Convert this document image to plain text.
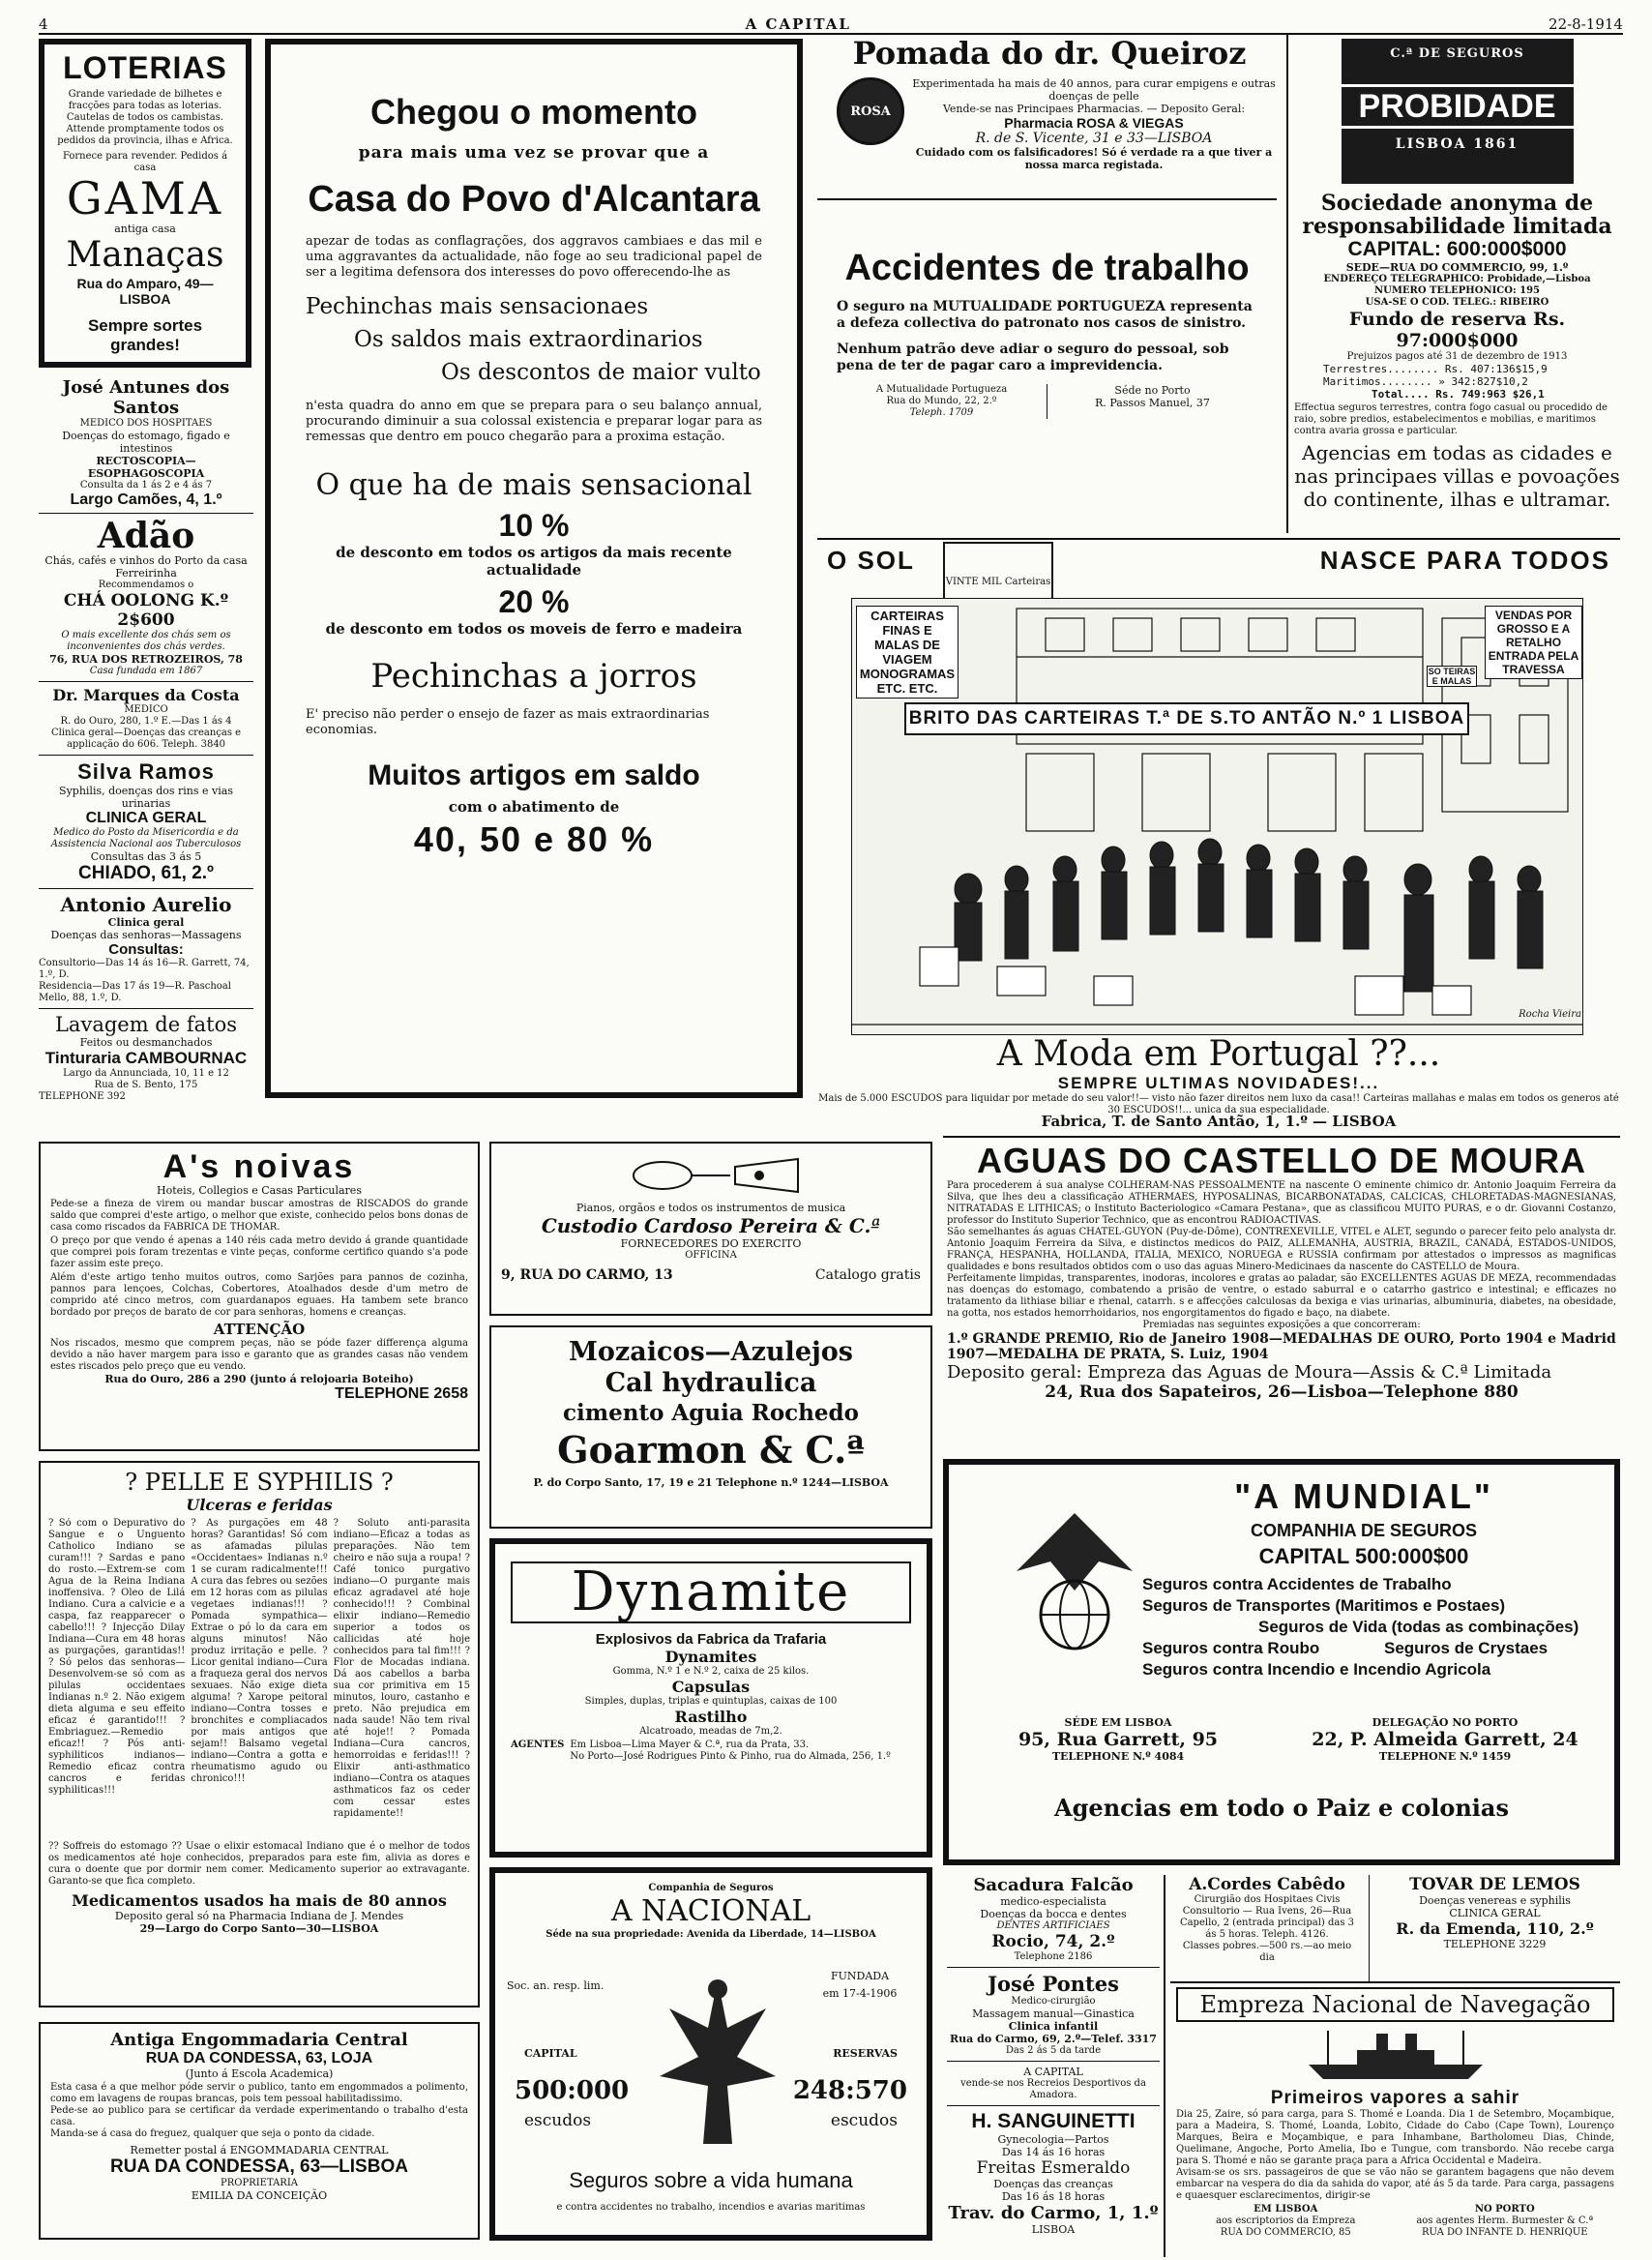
4	A CAPITAL	22-8-1914
LOTERIAS

Grande variedade de bilhetes e fracções para todas as loterias. Cautelas de todos os cambistas. Attende promptamente todos os pedidos da provincia, ilhas e Africa.

Fornece para revender. Pedidos á casa

GAMA
antiga casa
Manaças
Rua do Amparo, 49—LISBOA
Sempre sortes grandes!
José Antunes dos Santos
MEDICO DOS HOSPITAES
Doenças do estomago, figado e intestinos
RECTOSCOPIA—ESOPHAGOSCOPIA
Consulta da 1 ás 2 e 4 ás 7
Largo Camões, 4, 1.º
Adão
Chás, cafés e vinhos do Porto da casa Ferreirinha
Recommendamos o
CHÁ OOLONG K.º 2$600
O mais excellente dos chás sem os inconvenientes dos chás verdes.
76, RUA DOS RETROZEIROS, 78
Casa fundada em 1867
Dr. Marques da Costa
MEDICO
R. do Ouro, 280, 1.º E.—Das 1 ás 4
Clinica geral—Doenças das creanças e applicação do 606. Teleph. 3840
Silva Ramos
Syphilis, doenças dos rins e vias urinarias
CLINICA GERAL
Medico do Posto da Misericordia e da Assistencia Nacional aos Tuberculosos
Consultas das 3 ás 5
CHIADO, 61, 2.º
Antonio Aurelio
Clinica geral
Doenças das senhoras—Massagens
Consultas:
Consultorio—Das 14 ás 16—R. Garrett, 74, 1.º, D.
Residencia—Das 17 ás 19—R. Paschoal Mello, 88, 1.º, D.
Lavagem de fatos
Feitos ou desmanchados
Tinturaria CAMBOURNAC
Largo da Annunciada, 10, 11 e 12
Rua de S. Bento, 175
TELEPHONE 392
Chegou o momento
para mais uma vez se provar que a
Casa do Povo d'Alcantara

apezar de todas as conflagrações, dos aggravos cambiaes e das mil e uma aggravantes da actualidade, não foge ao seu tradicional papel de ser a legitima defensora dos interesses do povo offerecendo-lhe as

Pechinchas mais sensacionaes
Os saldos mais extraordinarios
Os descontos de maior vulto

n'esta quadra do anno em que se prepara para o seu balanço annual, procurando diminuir a sua colossal existencia e preparar logar para as remessas que dentro em pouco chegarão para a proxima estação.

O que ha de mais sensacional
10 %
de desconto em todos os artigos da mais recente actualidade
20 %
de desconto em todos os moveis de ferro e madeira
Pechinchas a jorros

E' preciso não perder o ensejo de fazer as mais extraordinarias economias.

Muitos artigos em saldo
com o abatimento de
40, 50 e 80 %
Pomada do dr. Queiroz
ROSA
Experimentada ha mais de 40 annos, para curar empigens e outras doenças de pelle
Vende-se nas Principaes Pharmacias. — Deposito Geral:
Pharmacia ROSA & VIEGAS
R. de S. Vicente, 31 e 33—LISBOA
Cuidado com os falsificadores! Só é verdade ra a que tiver a nossa marca registada.
Accidentes de trabalho

O seguro na MUTUALIDADE PORTUGUEZA representa a defeza collectiva do patronato nos casos de sinistro.

Nenhum patrão deve adiar o seguro do pessoal, sob pena de ter de pagar caro a imprevidencia.

A Mutualidade Portugueza
Rua do Mundo, 22, 2.º
Teleph. 1709
Séde no Porto
R. Passos Manuel, 37
C.ª DE SEGUROS
PROBIDADE
LISBOA 1861
Sociedade anonyma de responsabilidade limitada
CAPITAL: 600:000$000
SEDE—RUA DO COMMERCIO, 99, 1.º
ENDEREÇO TELEGRAPHICO: Probidade,—Lisboa
NUMERO TELEPHONICO: 195
USA-SE O COD. TELEG.: RIBEIRO
Fundo de reserva Rs. 97:000$000
Prejuizos pagos até 31 de dezembro de 1913
Terrestres........ Rs. 407:136$15,9
Maritimos........ » 342:827$10,2
Total.... Rs. 749:963 $26,1
Effectua seguros terrestres, contra fogo casual ou procedido de raio, sobre predios, estabelecimentos e mobilias, e maritimos contra avaria grossa e particular.
Agencias em todas as cidades e nas principaes villas e povoações do continente, ilhas e ultramar.
O SOL	NASCE PARA TODOS
VINTE MIL Carteiras
CARTEIRAS FINAS E MALAS DE VIAGEM MONOGRAMAS ETC. ETC.
VENDAS POR GROSSO E A RETALHO ENTRADA PELA TRAVESSA
SO TEIRAS E MALAS
BRITO DAS CARTEIRAS T.ª DE S.TO ANTÃO N.º 1 LISBOA
Rocha Vieira
A Moda em Portugal ??...
SEMPRE ULTIMAS NOVIDADES!...
Mais de 5.000 ESCUDOS para liquidar por metade do seu valor!!— visto não fazer direitos nem luxo da casa!! Carteiras mallahas e malas em todos os generos até 30 ESCUDOS!!... unica da sua especialidade.
Fabrica, T. de Santo Antão, 1, 1.º — LISBOA
A's noivas
Hoteis, Collegios e Casas Particulares

Pede-se a fineza de virem ou mandar buscar amostras de RISCADOS do grande saldo que comprei d'este artigo, o melhor que existe, conhecido pelos bons donas de casa como riscados da FABRICA DE THOMAR.

O preço por que vendo é apenas a 140 réis cada metro devido á grande quantidade que comprei pois foram trezentas e vinte peças, conforme certifico quando s'a pode fazer assim este preço.

Além d'este artigo tenho muitos outros, como Sarjões para pannos de cozinha, pannos para lençoes, Colchas, Cobertores, Atoalhados desde d'um metro de comprido até cinco metros, com guardanapos eguaes. Ha tambem sete branco bordado por preços de barato de cor para senhoras, homens e creanças.

ATTENÇÃO

Nos riscados, mesmo que comprem peças, não se póde fazer differença alguma devido a não haver margem para isso e garanto que as grandes casas não vendem estes riscados pelo preço que eu vendo.

Rua do Ouro, 286 a 290 (junto á relojoaria Boteiho)
TELEPHONE 2658
? PELLE E SYPHILIS ?
Ulceras e feridas
? Só com o Depurativo do Sangue e o Unguento Catholico Indiano se curam!!! ? Sardas e pano do rosto.—Extrem-se com Agua de la Reina Indiana inoffensiva. ? Oleo de Lilá Indiano. Cura a calvicie e a caspa, faz reapparecer o cabello!!! ? Injecção Dilay Indiana—Cura em 48 horas as purgações, garantidas!! ? Só pelos das senhoras—Desenvolvem-se só com as pilulas occidentaes Indianas n.º 2. Não exigem dieta alguma e seu effeito eficaz é garantido!!! ? Embriaguez.—Remedio eficaz!! ? Pós anti-syphiliticos indianos—Remedio eficaz contra cancros e feridas syphiliticas!!!
? As purgações em 48 horas? Garantidas! Só com as afamadas pilulas «Occidentaes» Indianas n.º 1 se curam radicalmente!!! A cura das febres ou sezões em 12 horas com as pilulas vegetaes indianas!!! ? Pomada sympathica—Extrae o pó lo da cara em alguns minutos! Não produz irritação e pelle. ? Licor genital indiano—Cura a fraqueza geral dos nervos sexuaes. Não exige dieta alguma! ? Xarope peitoral indiano—Contra tosses e bronchites e compliacados por mais antigos que sejam!! Balsamo vegetal indiano—Contra a gotta e rheumatismo agudo ou chronico!!!
? Soluto anti-parasita indiano—Eficaz a todas as preparações. Não tem cheiro e não suja a roupa! ? Café tonico purgativo indiano—O purgante mais eficaz agradavel até hoje conhecido!!! ? Combinal elixir indiano—Remedio superior a todos os callicidas até hoje conhecidos para tal fim!!! ? Flor de Mocadas indiana. Dá aos cabellos a barba sua cor primitiva em 15 minutos, louro, castanho e preto. Não prejudica em nada saude! Não tem rival até hoje!! ? Pomada Indiana—Cura cancros, hemorroidas e feridas!!! ? Elixir anti-asthmatico indiano—Contra os ataques asthmaticos faz os ceder com cessar estes rapidamente!!

?? Soffreis do estomago ?? Usae o elixir estomacal Indiano que é o melhor de todos os medicamentos até hoje conhecidos, preparados para este fim, alivia as dores e cura o doente que por dormir nem comer. Medicamento superior ao extravagante. Garanto-se que fica completo.

Medicamentos usados ha mais de 80 annos
Deposito geral só na Pharmacia Indiana de J. Mendes
29—Largo do Corpo Santo—30—LISBOA
Antiga Engommadaria Central
RUA DA CONDESSA, 63, LOJA
(Junto á Escola Academica)

Esta casa é a que melhor póde servir o publico, tanto em engommados a polimento, como em lavagens de roupas brancas, pois tem pessoal habilitadissimo.

Pede-se ao publico para se certificar da verdade experimentando o trabalho d'esta casa.

Manda-se á casa do freguez, qualquer que seja o ponto da cidade.

Remetter postal á ENGOMMADARIA CENTRAL
RUA DA CONDESSA, 63—LISBOA
PROPRIETARIA
EMILIA DA CONCEIÇÃO
Pianos, orgãos e todos os instrumentos de musica
Custodio Cardoso Pereira & C.ª
FORNECEDORES DO EXERCITO
OFFICINA
9, RUA DO CARMO, 13	Catalogo gratis
Mozaicos—Azulejos
Cal hydraulica
cimento Aguia Rochedo
Goarmon & C.ª
P. do Corpo Santo, 17, 19 e 21 Telephone n.º 1244—LISBOA
Dynamite
Explosivos da Fabrica da Trafaria
Dynamites
Gomma, N.º 1 e N.º 2, caixa de 25 kilos.
Capsulas
Simples, duplas, triplas e quintuplas, caixas de 100
Rastilho
Alcatroado, meadas de 7m,2.
AGENTES Em Lisboa—Lima Mayer & C.ª, rua da Prata, 33.
No Porto—José Rodrigues Pinto & Pinho, rua do Almada, 256, 1.º
Companhia de Seguros
A NACIONAL
Séde na sua propriedade: Avenida da Liberdade, 14—LISBOA
Soc. an. resp. lim.
FUNDADA
em 17-4-1906
CAPITAL
500:000
escudos
RESERVAS
248:570
escudos
Seguros sobre a vida humana
e contra accidentes no trabalho, incendios e avarias maritimas
AGUAS DO CASTELLO DE MOURA

Para procederem á sua analyse COLHERAM-NAS PESSOALMENTE na nascente O eminente chimico dr. Antonio Joaquim Ferreira da Silva, que lhes deu a classificação ATHERMAES, HYPOSALINAS, BICARBONATADAS, CALCICAS, CHLORETADAS-MAGNESIANAS, NITRATADAS E LITHICAS; o Instituto Bacteriologico «Camara Pestana», que as classificou MUITO PURAS, e o dr. Giovanni Costanzo, professor do Instituto Superior Technico, que as encontrou RADIOACTIVAS.

São semelhantes ás aguas CHATEL-GUYON (Puy-de-Dôme), CONTREXEVILLE, VITEL e ALET, segundo o parecer feito pelo analysta dr. Antonio Joaquim Ferreira da Silva, e distinctos medicos do PAIZ, ALLEMANHA, AUSTRIA, BRAZIL, CANADÁ, ESTADOS-UNIDOS, FRANÇA, HESPANHA, HOLLANDA, ITALIA, MEXICO, NORUEGA e RUSSIA confirmam por attestados o impressos as magnificas qualidades e bons resultados obtidos com o uso das aguas Minero-Medicinaes da nascente do CASTELLO de Moura.

Perfeitamente limpidas, transparentes, inodoras, incolores e gratas ao paladar, são EXCELLENTES AGUAS DE MEZA, recommendadas nas doenças do estomago, combatendo a prisão de ventre, o estado saburral e o catarrho gastrico e intestinal; e efficazes no tratamento da lithiase biliar e rhenal, catarrh. s e affecções calculosas da bexiga e vias urinarias, albuminuria, diabetes, na obesidade, na gotta, nos estados hemorrhoidarios, nos engorgitamentos do figado e baço, na diabete.

Premiadas nas seguintes exposições a que concorreram:
1.º GRANDE PREMIO, Rio de Janeiro 1908—MEDALHAS DE OURO, Porto 1904 e Madrid 1907—MEDALHA DE PRATA, S. Luiz, 1904
Deposito geral: Empreza das Aguas de Moura—Assis & C.ª Limitada
24, Rua dos Sapateiros, 26—Lisboa—Telephone 880
"A MUNDIAL"
COMPANHIA DE SEGUROS
CAPITAL 500:000$00
Seguros contra Accidentes de Trabalho
Seguros de Transportes (Maritimos e Postaes)
Seguros de Vida (todas as combinações)
Seguros contra Roubo	Seguros de Crystaes
Seguros contra Incendio e Incendio Agricola
SÉDE EM LISBOA
95, Rua Garrett, 95
TELEPHONE N.º 4084
DELEGAÇÃO NO PORTO
22, P. Almeida Garrett, 24
TELEPHONE N.º 1459
Agencias em todo o Paiz e colonias
Sacadura Falcão
medico-especialista
Doenças da bocca e dentes
DENTES ARTIFICIAES
Rocio, 74, 2.º
Telephone 2186
José Pontes
Medico-cirurgião
Massagem manual—Ginastica
Clinica infantil
Rua do Carmo, 69, 2.º—Telef. 3317
Das 2 ás 5 da tarde
A CAPITAL
vende-se nos Recreios Desportivos da Amadora.
H. SANGUINETTI
Gynecologia—Partos
Das 14 ás 16 horas
Freitas Esmeraldo
Doenças das creanças
Das 16 ás 18 horas
Trav. do Carmo, 1, 1.º
LISBOA
A.Cordes Cabêdo
Cirurgião dos Hospitaes Civis
Consultorio — Rua Ivens, 26—Rua Capello, 2 (entrada principal) das 3 ás 5 horas. Teleph. 4126.
Classes pobres.—500 rs.—ao meio dia
TOVAR DE LEMOS
Doenças venereas e syphilis
CLINICA GERAL
R. da Emenda, 110, 2.º
TELEPHONE 3229
Empreza Nacional de Navegação
Primeiros vapores a sahir

Dia 25, Zaire, só para carga, para S. Thomé e Loanda. Dia 1 de Setembro, Moçambique, para a Madeira, S. Thomé, Loanda, Lobito, Cidade do Cabo (Cape Town), Lourenço Marques, Beira e Moçambique, e para Inhambane, Bartholomeu Dias, Chinde, Quelimane, Angoche, Porto Amelia, Ibo e Tungue, com transbordo. Não recebe carga para S. Thomé e não se garante praça para a Africa Occidental e Madeira.

Avisam-se os srs. passageiros de que se vão não se garantem bagagens que não devem embarcar na vespera do dia da sahida do vapor, até ás 5 da tarde. Para carga, passagens e quaesquer esclarecimentos, dirigir-se

EM LISBOA
aos escriptorios da Empreza
RUA DO COMMERCIO, 85
NO PORTO
aos agentes Herm. Burmester & C.ª
RUA DO INFANTE D. HENRIQUE
